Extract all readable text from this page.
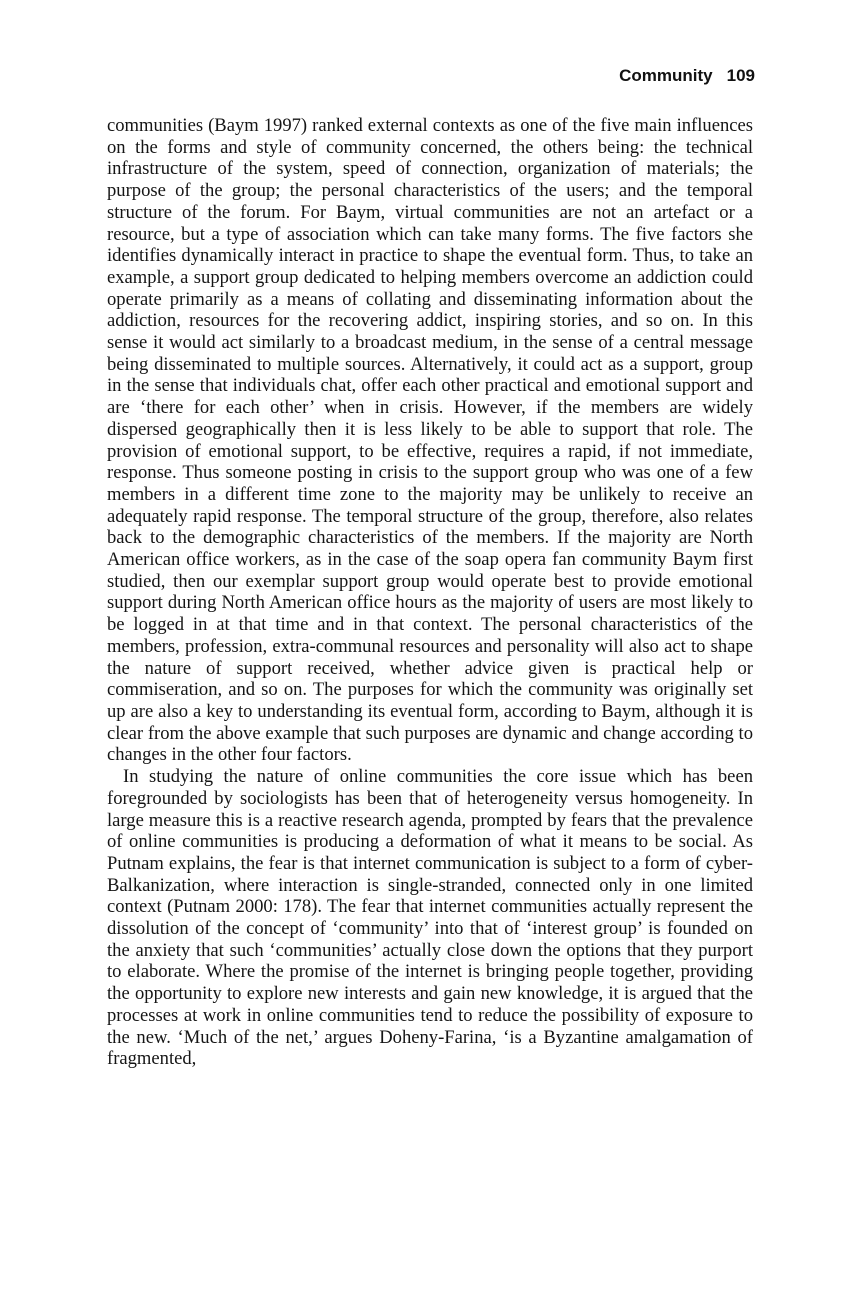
Community 109

communities (Baym 1997) ranked external contexts as one of the five main influences on the forms and style of community concerned, the others being: the technical infrastructure of the system, speed of connection, organization of materials; the purpose of the group; the personal characteristics of the users; and the temporal structure of the forum. For Baym, virtual communities are not an artefact or a resource, but a type of association which can take many forms. The five factors she identifies dynamically interact in practice to shape the eventual form. Thus, to take an example, a support group dedicated to helping members overcome an addiction could operate primarily as a means of collating and disseminating information about the addiction, resources for the recovering addict, inspiring stories, and so on. In this sense it would act similarly to a broadcast medium, in the sense of a central message being disseminated to multiple sources. Alternatively, it could act as a support, group in the sense that individuals chat, offer each other practical and emotional support and are ‘there for each other’ when in crisis. However, if the members are widely dispersed geographically then it is less likely to be able to support that role. The provision of emotional support, to be effective, requires a rapid, if not immediate, response. Thus someone posting in crisis to the support group who was one of a few members in a different time zone to the majority may be unlikely to receive an adequately rapid response. The temporal structure of the group, therefore, also relates back to the demographic characteristics of the members. If the majority are North American office workers, as in the case of the soap opera fan community Baym first studied, then our exemplar support group would operate best to provide emotional support during North American office hours as the majority of users are most likely to be logged in at that time and in that context. The personal characteristics of the members, profession, extra-communal resources and personality will also act to shape the nature of support received, whether advice given is practical help or commiseration, and so on. The purposes for which the community was originally set up are also a key to understanding its eventual form, according to Baym, although it is clear from the above example that such purposes are dynamic and change according to changes in the other four factors.

In studying the nature of online communities the core issue which has been foregrounded by sociologists has been that of heterogeneity versus homogeneity. In large measure this is a reactive research agenda, prompted by fears that the prevalence of online communities is producing a deformation of what it means to be social. As Putnam explains, the fear is that internet communication is subject to a form of cyber-Balkanization, where interaction is single-stranded, connected only in one limited context (Putnam 2000: 178). The fear that internet communities actually represent the dissolution of the concept of ‘community’ into that of ‘interest group’ is founded on the anxiety that such ‘communities’ actually close down the options that they purport to elaborate. Where the promise of the internet is bringing people together, providing the opportunity to explore new interests and gain new knowledge, it is argued that the processes at work in online communities tend to reduce the possibility of exposure to the new. ‘Much of the net,’ argues Doheny-Farina, ‘is a Byzantine amalgamation of fragmented,
